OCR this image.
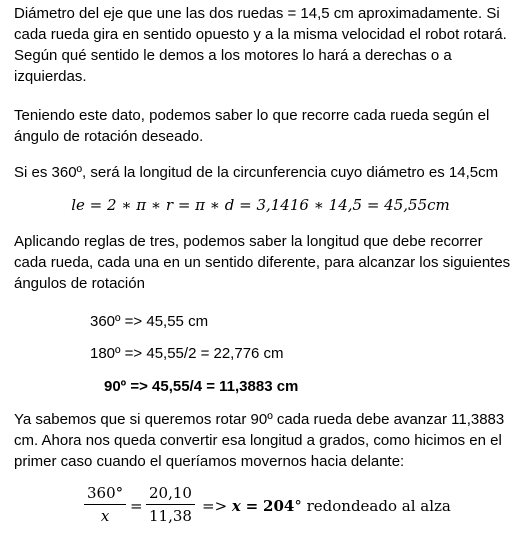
Diámetro del eje que une las dos ruedas = 14,5 cm aproximadamente. Si
cada rueda gira en sentido opuesto y a la misma velocidad el robot rotará.
Según qué sentido le demos a los motores lo hará a derechas o a
izquierdas.
Teniendo este dato, podemos saber lo que recorre cada rueda según el
ángulo de rotación deseado.
Si es 360º, será la longitud de la circunferencia cuyo diámetro es 14,5cm
le = 2 ∗ π ∗ r = π ∗ d = 3,1416 ∗ 14,5 = 45,55cm
Aplicando reglas de tres, podemos saber la longitud que debe recorrer
cada rueda, cada una en un sentido diferente, para alcanzar los siguientes
ángulos de rotación
360º => 45,55 cm
180º => 45,55/2 = 22,776 cm
90º => 45,55/4 = 11,3883 cm
Ya sabemos que si queremos rotar 90º cada rueda debe avanzar 11,3883
cm. Ahora nos queda convertir esa longitud a grados, como hicimos en el
primer caso cuando el queríamos movernos hacia delante:
$\frac{360^\circ}{x} = \frac{20,10}{11,38} => x = 204^\circ$ redondeado al alza
